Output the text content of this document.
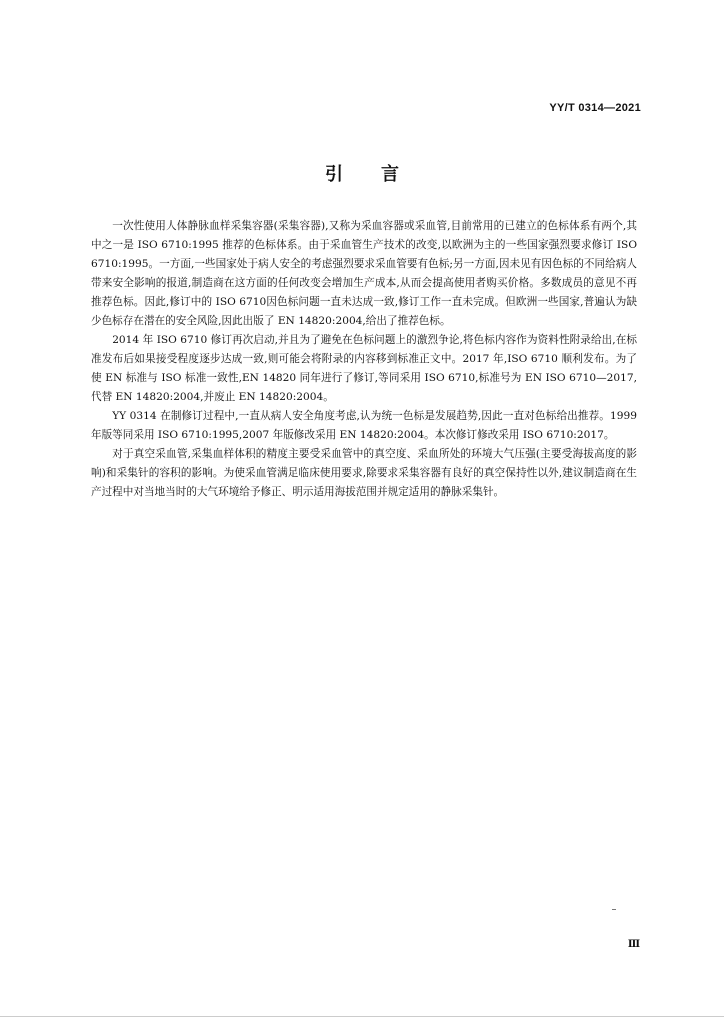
YY/T 0314—2021
引言

一次性使用人体静脉血样采集容器(采集容器),又称为采血容器或采血管,目前常用的已建立的色标体系有两个,其中之一是 ISO 6710:1995 推荐的色标体系。由于采血管生产技术的改变,以欧洲为主的一些国家强烈要求修订 ISO 6710:1995。一方面,一些国家处于病人安全的考虑强烈要求采血管要有色标;另一方面,因未见有因色标的不同给病人带来安全影响的报道,制造商在这方面的任何改变会增加生产成本,从而会提高使用者购买价格。多数成员的意见不再推荐色标。因此,修订中的 ISO 6710因色标问题一直未达成一致,修订工作一直未完成。但欧洲一些国家,普遍认为缺少色标存在潜在的安全风险,因此出版了 EN 14820:2004,给出了推荐色标。

2014 年 ISO 6710 修订再次启动,并且为了避免在色标问题上的激烈争论,将色标内容作为资料性附录给出,在标准发布后如果接受程度逐步达成一致,则可能会将附录的内容移到标准正文中。2017 年,ISO 6710 顺利发布。为了使 EN 标准与 ISO 标准一致性,EN 14820 同年进行了修订,等同采用 ISO 6710,标准号为 EN ISO 6710—2017,代替 EN 14820:2004,并废止 EN 14820:2004。

YY 0314 在制修订过程中,一直从病人安全角度考虑,认为统一色标是发展趋势,因此一直对色标给出推荐。1999 年版等同采用 ISO 6710:1995,2007 年版修改采用 EN 14820:2004。本次修订修改采用 ISO 6710:2017。

对于真空采血管,采集血样体积的精度主要受采血管中的真空度、采血所处的环境大气压强(主要受海拔高度的影响)和采集针的容积的影响。为使采血管满足临床使用要求,除要求采集容器有良好的真空保持性以外,建议制造商在生产过程中对当地当时的大气环境给予修正、明示适用海拔范围并规定适用的静脉采集针。

Ⅲ
